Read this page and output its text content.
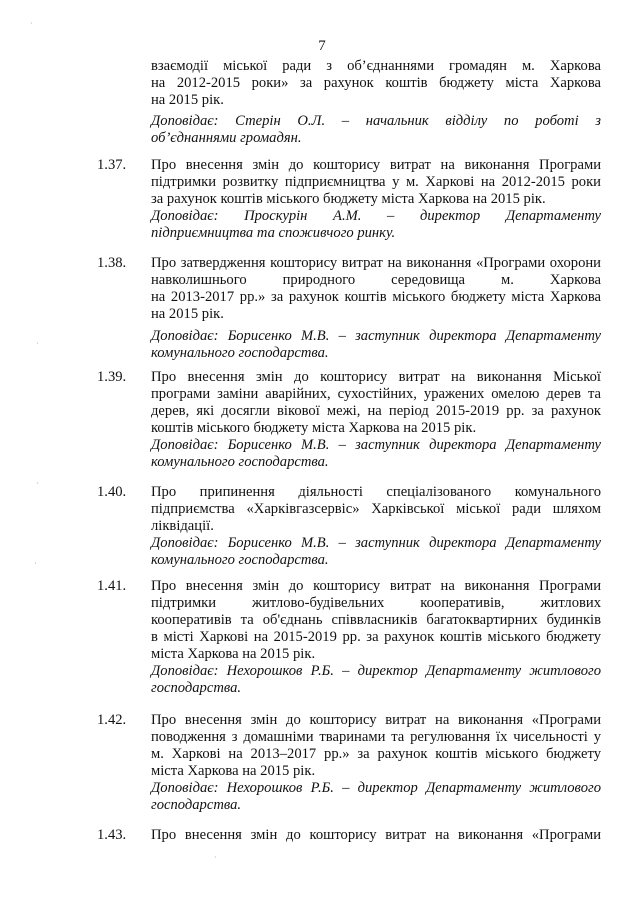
7
взаємодії міської ради з об’єднаннями громадян м. Харкова
на 2012-2015 роки» за рахунок коштів бюджету міста Харкова
на 2015 рік.
Доповідає: Стерін О.Л. – начальник відділу по роботі з
об’єднаннями громадян.
1.37. Про внесення змін до кошторису витрат на виконання Програми
підтримки розвитку підприємництва у м. Харкові на 2012-2015 роки
за рахунок коштів міського бюджету міста Харкова на 2015 рік.
Доповідає: Проскурін А.М. – директор Департаменту
підприємництва та споживчого ринку.
1.38. Про затвердження кошторису витрат на виконання «Програми охорони
навколишнього природного середовища м. Харкова
на 2013-2017 рр.» за рахунок коштів міського бюджету міста Харкова
на 2015 рік.
Доповідає: Борисенко М.В. – заступник директора Департаменту
комунального господарства.
1.39. Про внесення змін до кошторису витрат на виконання Міської
програми заміни аварійних, сухостійних, уражених омелою дерев та
дерев, які досягли вікової межі, на період 2015-2019 рр. за рахунок
коштів міського бюджету міста Харкова на 2015 рік.
Доповідає: Борисенко М.В. – заступник директора Департаменту
комунального господарства.
1.40. Про припинення діяльності спеціалізованого комунального
підприємства «Харківгазсервіс» Харківської міської ради шляхом
ліквідації.
Доповідає: Борисенко М.В. – заступник директора Департаменту
комунального господарства.
1.41. Про внесення змін до кошторису витрат на виконання Програми
підтримки житлово-будівельних кооперативів, житлових
кооперативів та об'єднань співвласників багатоквартирних будинків
в місті Харкові на 2015-2019 рр. за рахунок коштів міського бюджету
міста Харкова на 2015 рік.
Доповідає: Нехорошков Р.Б. – директор Департаменту житлового
господарства.
1.42. Про внесення змін до кошторису витрат на виконання «Програми
поводження з домашніми тваринами та регулювання їх чисельності у
м. Харкові на 2013–2017 рр.» за рахунок коштів міського бюджету
міста Харкова на 2015 рік.
Доповідає: Нехорошков Р.Б. – директор Департаменту житлового
господарства.
1.43. Про внесення змін до кошторису витрат на виконання «Програми
·
·
·
·
·
